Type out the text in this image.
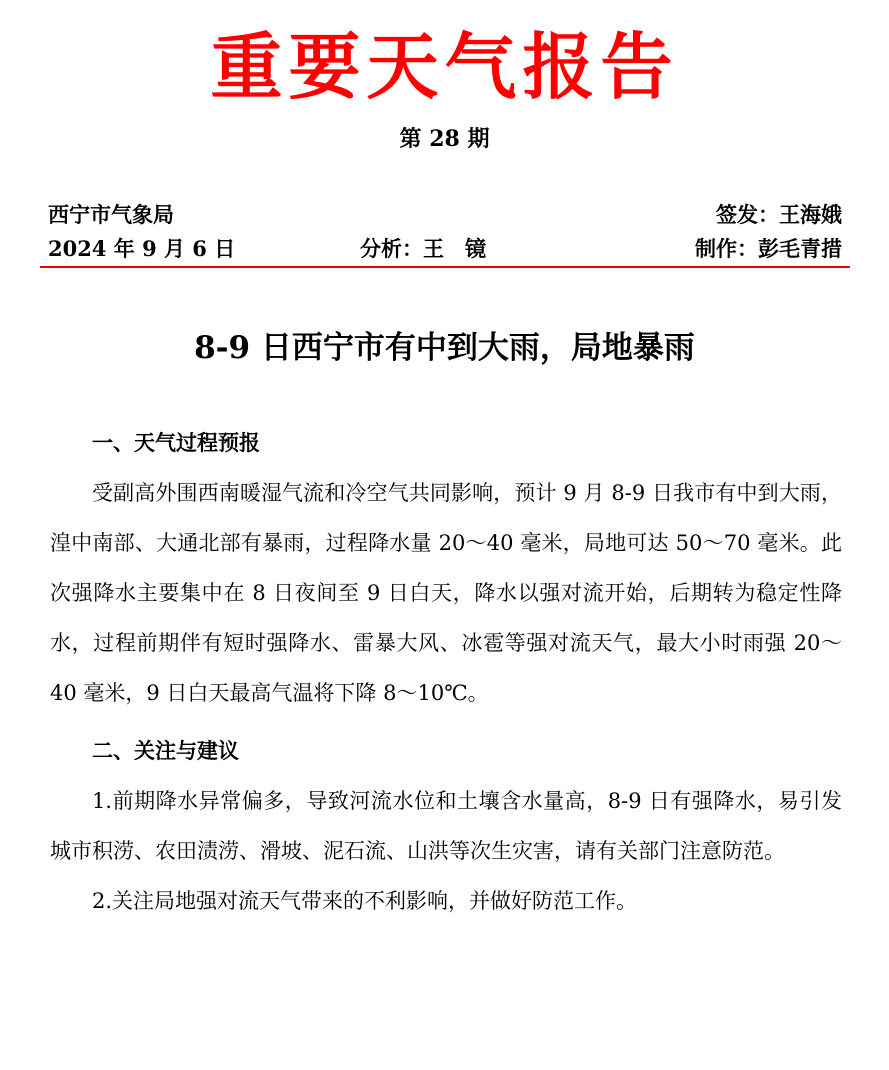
重要天气报告
第 28 期
西宁市气象局	签发：王海娥
2024 年 9 月 6 日	分析：王　镜	制作：彭毛青措
8-9 日西宁市有中到大雨，局地暴雨

一、天气过程预报

受副高外围西南暖湿气流和冷空气共同影响，预计 9 月 8-9 日我市有中到大雨，湟中南部、大通北部有暴雨，过程降水量 20～40 毫米，局地可达 50～70 毫米。此次强降水主要集中在 8 日夜间至 9 日白天，降水以强对流开始，后期转为稳定性降水，过程前期伴有短时强降水、雷暴大风、冰雹等强对流天气，最大小时雨强 20～40 毫米，9 日白天最高气温将下降 8～10℃。

二、关注与建议

1.前期降水异常偏多，导致河流水位和土壤含水量高，8-9 日有强降水，易引发城市积涝、农田渍涝、滑坡、泥石流、山洪等次生灾害，请有关部门注意防范。

2.关注局地强对流天气带来的不利影响，并做好防范工作。
